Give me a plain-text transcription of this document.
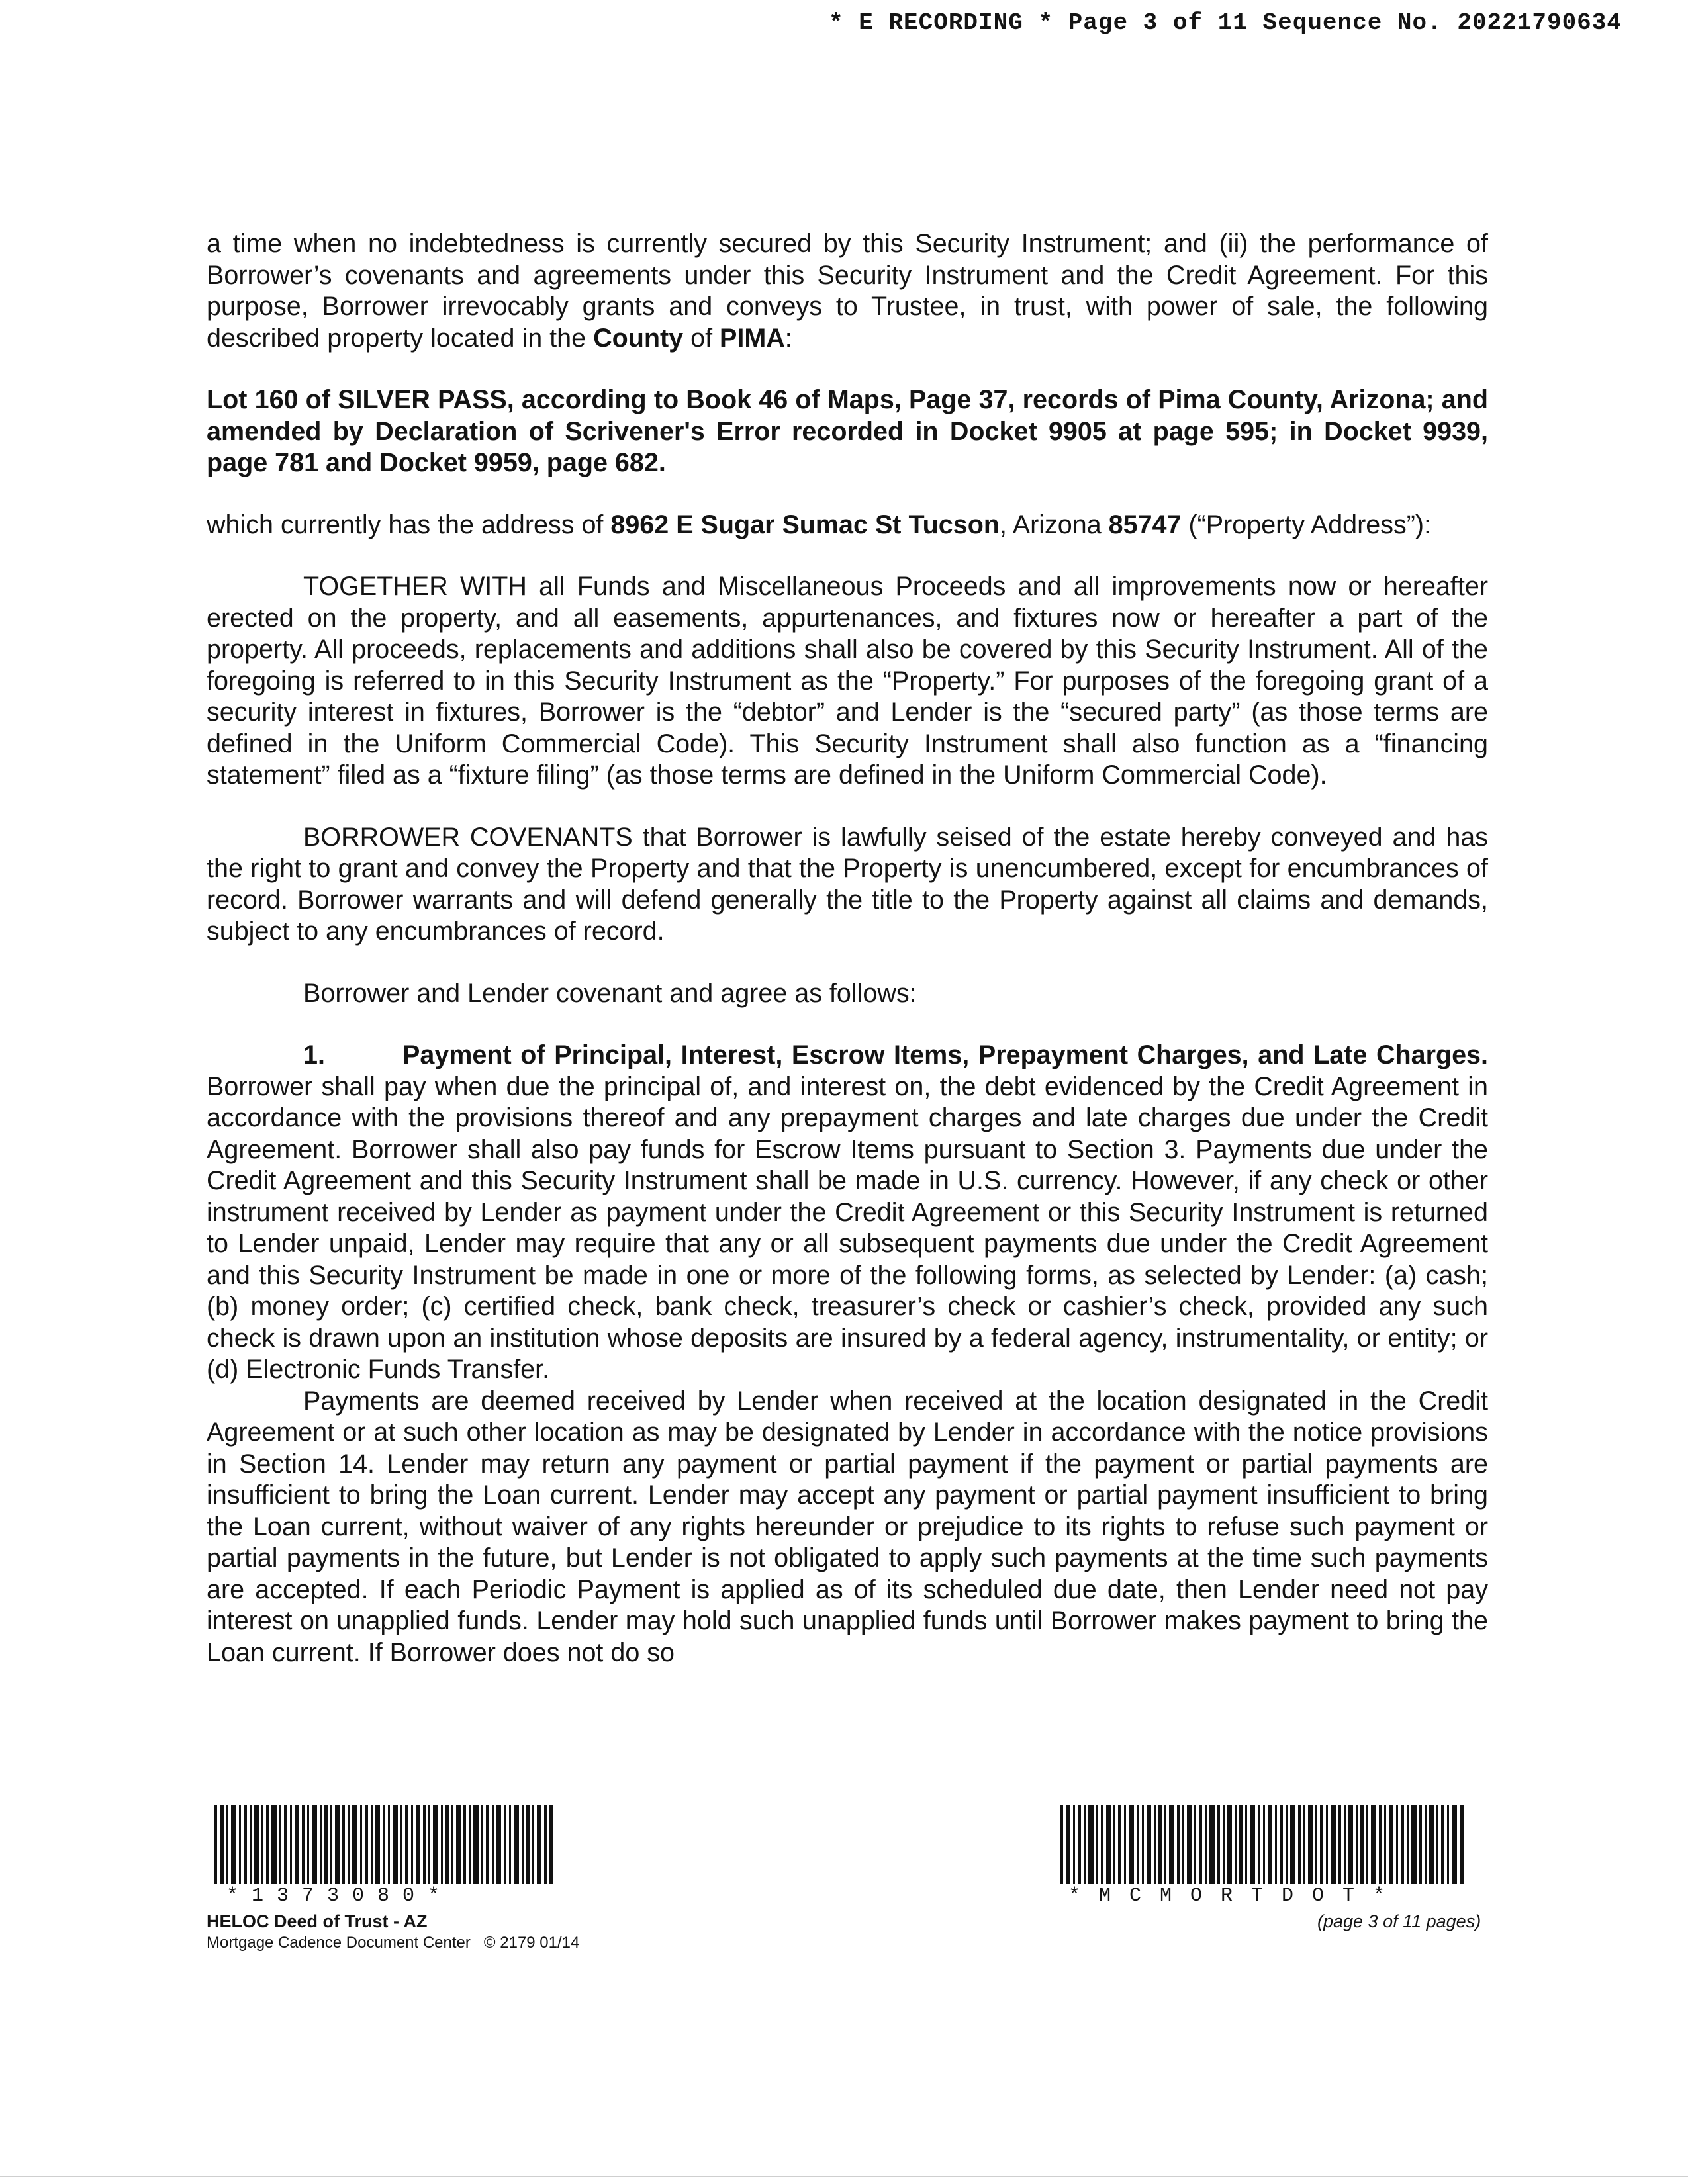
* E RECORDING * Page 3 of 11 Sequence No. 20221790634

a time when no indebtedness is currently secured by this Security Instrument; and (ii) the performance of Borrower’s covenants and agreements under this Security Instrument and the Credit Agreement. For this purpose, Borrower irrevocably grants and conveys to Trustee, in trust, with power of sale, the following described property located in the County of PIMA:

Lot 160 of SILVER PASS, according to Book 46 of Maps, Page 37, records of Pima County, Arizona; and amended by Declaration of Scrivener's Error recorded in Docket 9905 at page 595; in Docket 9939, page 781 and Docket 9959, page 682.

which currently has the address of 8962 E Sugar Sumac St Tucson, Arizona 85747 (“Property Address”):

TOGETHER WITH all Funds and Miscellaneous Proceeds and all improvements now or hereafter erected on the property, and all easements, appurtenances, and fixtures now or hereafter a part of the property. All proceeds, replacements and additions shall also be covered by this Security Instrument. All of the foregoing is referred to in this Security Instrument as the “Property.” For purposes of the foregoing grant of a security interest in fixtures, Borrower is the “debtor” and Lender is the “secured party” (as those terms are defined in the Uniform Commercial Code). This Security Instrument shall also function as a “financing statement” filed as a “fixture filing” (as those terms are defined in the Uniform Commercial Code).

BORROWER COVENANTS that Borrower is lawfully seised of the estate hereby conveyed and has the right to grant and convey the Property and that the Property is unencumbered, except for encumbrances of record. Borrower warrants and will defend generally the title to the Property against all claims and demands, subject to any encumbrances of record.

Borrower and Lender covenant and agree as follows:

1.	Payment of Principal, Interest, Escrow Items, Prepayment Charges, and Late Charges. Borrower shall pay when due the principal of, and interest on, the debt evidenced by the Credit Agreement in accordance with the provisions thereof and any prepayment charges and late charges due under the Credit Agreement. Borrower shall also pay funds for Escrow Items pursuant to Section 3. Payments due under the Credit Agreement and this Security Instrument shall be made in U.S. currency. However, if any check or other instrument received by Lender as payment under the Credit Agreement or this Security Instrument is returned to Lender unpaid, Lender may require that any or all subsequent payments due under the Credit Agreement and this Security Instrument be made in one or more of the following forms, as selected by Lender: (a) cash; (b) money order; (c) certified check, bank check, treasurer’s check or cashier’s check, provided any such check is drawn upon an institution whose deposits are insured by a federal agency, instrumentality, or entity; or (d) Electronic Funds Transfer.

Payments are deemed received by Lender when received at the location designated in the Credit Agreement or at such other location as may be designated by Lender in accordance with the notice provisions in Section 14. Lender may return any payment or partial payment if the payment or partial payments are insufficient to bring the Loan current. Lender may accept any payment or partial payment insufficient to bring the Loan current, without waiver of any rights hereunder or prejudice to its rights to refuse such payment or partial payments in the future, but Lender is not obligated to apply such payments at the time such payments are accepted. If each Periodic Payment is applied as of its scheduled due date, then Lender need not pay interest on unapplied funds. Lender may hold such unapplied funds until Borrower makes payment to bring the Loan current. If Borrower does not do so

*1373080*	*MCMORTDOT*
HELOC Deed of Trust - AZ
Mortgage Cadence Document Center © 2179 01/14
(page 3 of 11 pages)
